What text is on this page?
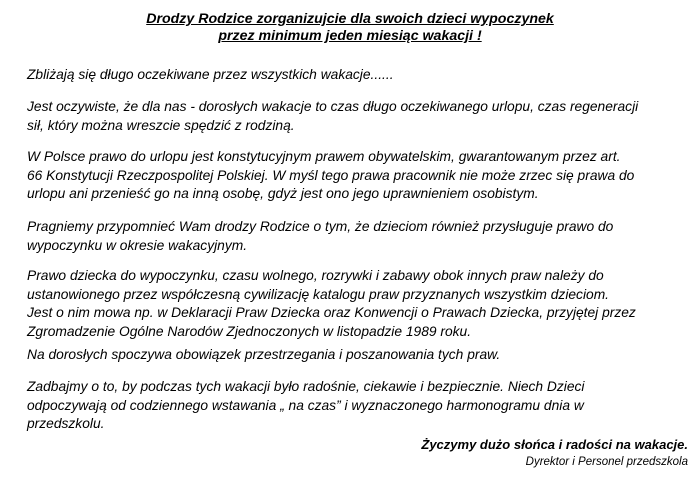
Drodzy Rodzice zorganizujcie dla swoich dzieci wypoczynek

przez minimum jeden miesiąc wakacji !

Zbliżają się długo oczekiwane przez wszystkich wakacje......
Jest oczywiste, że dla nas - dorosłych wakacje to czas długo oczekiwanego urlopu, czas regeneracji
sił, który można wreszcie spędzić z rodziną.
W Polsce prawo do urlopu jest konstytucyjnym prawem obywatelskim, gwarantowanym przez art.
66 Konstytucji Rzeczpospolitej Polskiej. W myśl tego prawa pracownik nie może zrzec się prawa do
urlopu ani przenieść go na inną osobę, gdyż jest ono jego uprawnieniem osobistym.
Pragniemy przypomnieć Wam drodzy Rodzice o tym, że dzieciom również przysługuje prawo do
wypoczynku w okresie wakacyjnym.
Prawo dziecka do wypoczynku, czasu wolnego, rozrywki i zabawy obok innych praw należy do
ustanowionego przez współczesną cywilizację katalogu praw przyznanych wszystkim dzieciom.
Jest o nim mowa np. w Deklaracji Praw Dziecka oraz Konwencji o Prawach Dziecka, przyjętej przez
Zgromadzenie Ogólne Narodów Zjednoczonych w listopadzie 1989 roku.
Na dorosłych spoczywa obowiązek przestrzegania i poszanowania tych praw.
Zadbajmy o to, by podczas tych wakacji było radośnie, ciekawie i bezpiecznie. Niech Dzieci
odpoczywają od codziennego wstawania „ na czas” i wyznaczonego harmonogramu dnia w
przedszkolu.

Życzymy dużo słońca i radości na wakacje.

Dyrektor i Personel przedszkola
